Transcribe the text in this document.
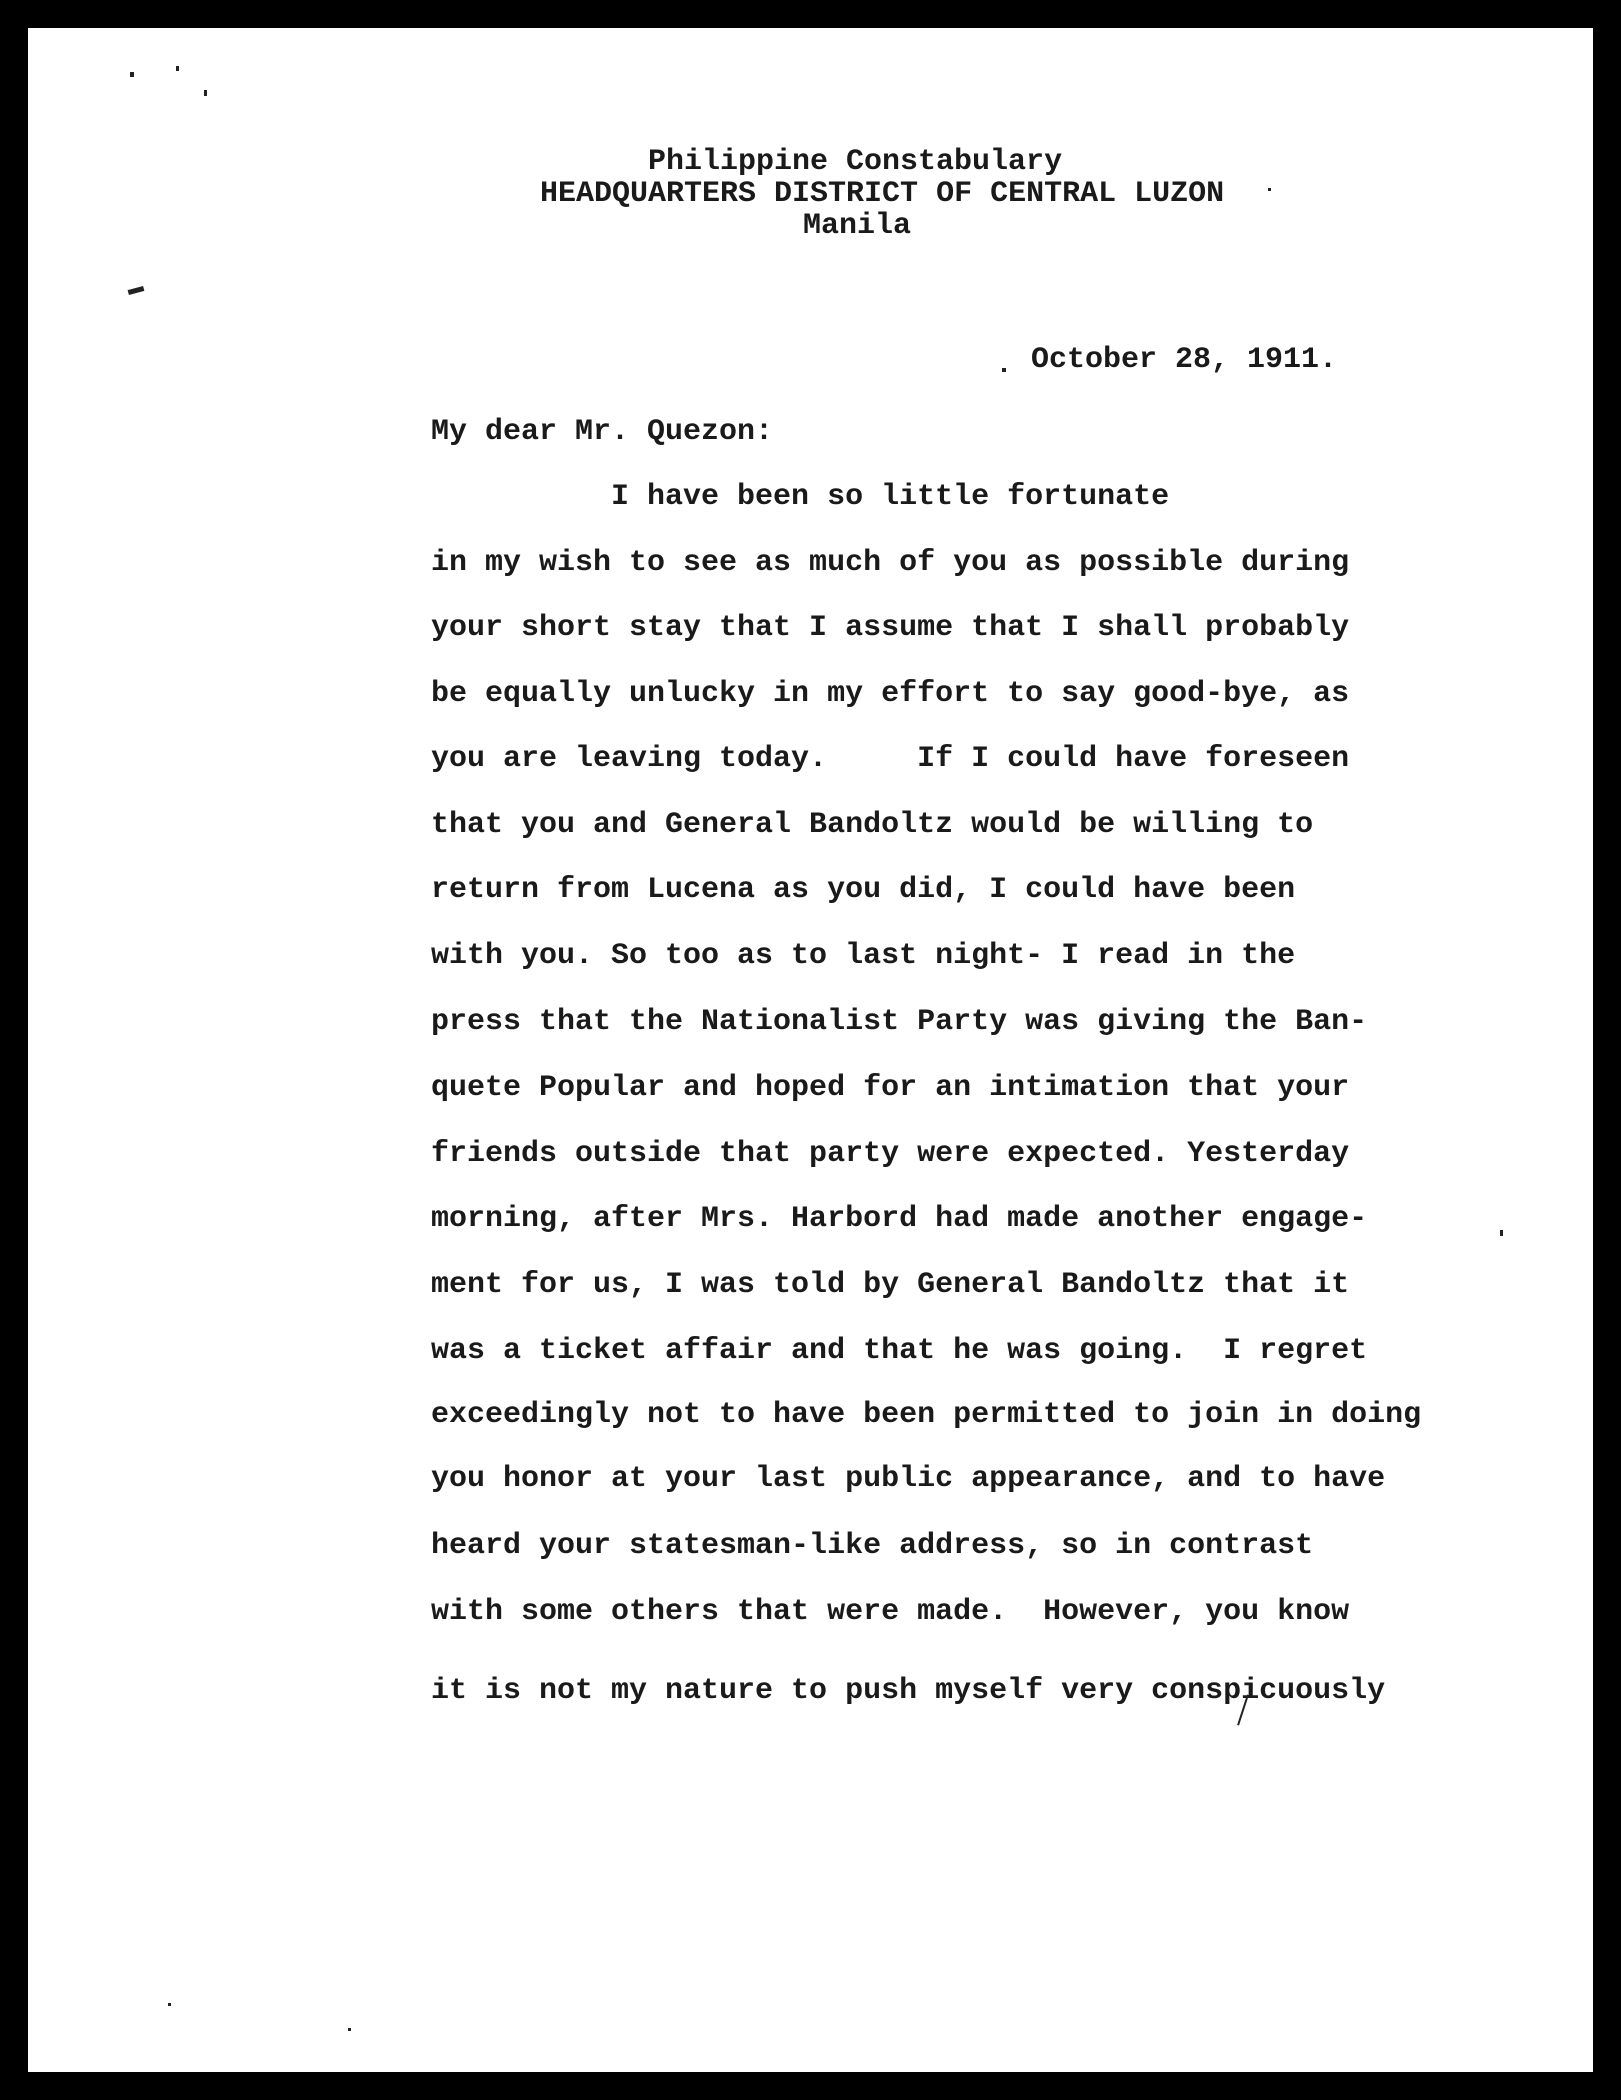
Philippine Constabulary
HEADQUARTERS DISTRICT OF CENTRAL LUZON
Manila
October 28, 1911.
My dear Mr. Quezon:
I have been so little fortunate
in my wish to see as much of you as possible during
your short stay that I assume that I shall probably
be equally unlucky in my effort to say good-bye, as
you are leaving today.     If I could have foreseen
that you and General Bandoltz would be willing to
return from Lucena as you did, I could have been
with you. So too as to last night- I read in the
press that the Nationalist Party was giving the Ban-
quete Popular and hoped for an intimation that your
friends outside that party were expected. Yesterday
morning, after Mrs. Harbord had made another engage-
ment for us, I was told by General Bandoltz that it
was a ticket affair and that he was going.  I regret
exceedingly not to have been permitted to join in doing
you honor at your last public appearance, and to have
heard your statesman-like address, so in contrast
with some others that were made.  However, you know
it is not my nature to push myself very conspicuously
